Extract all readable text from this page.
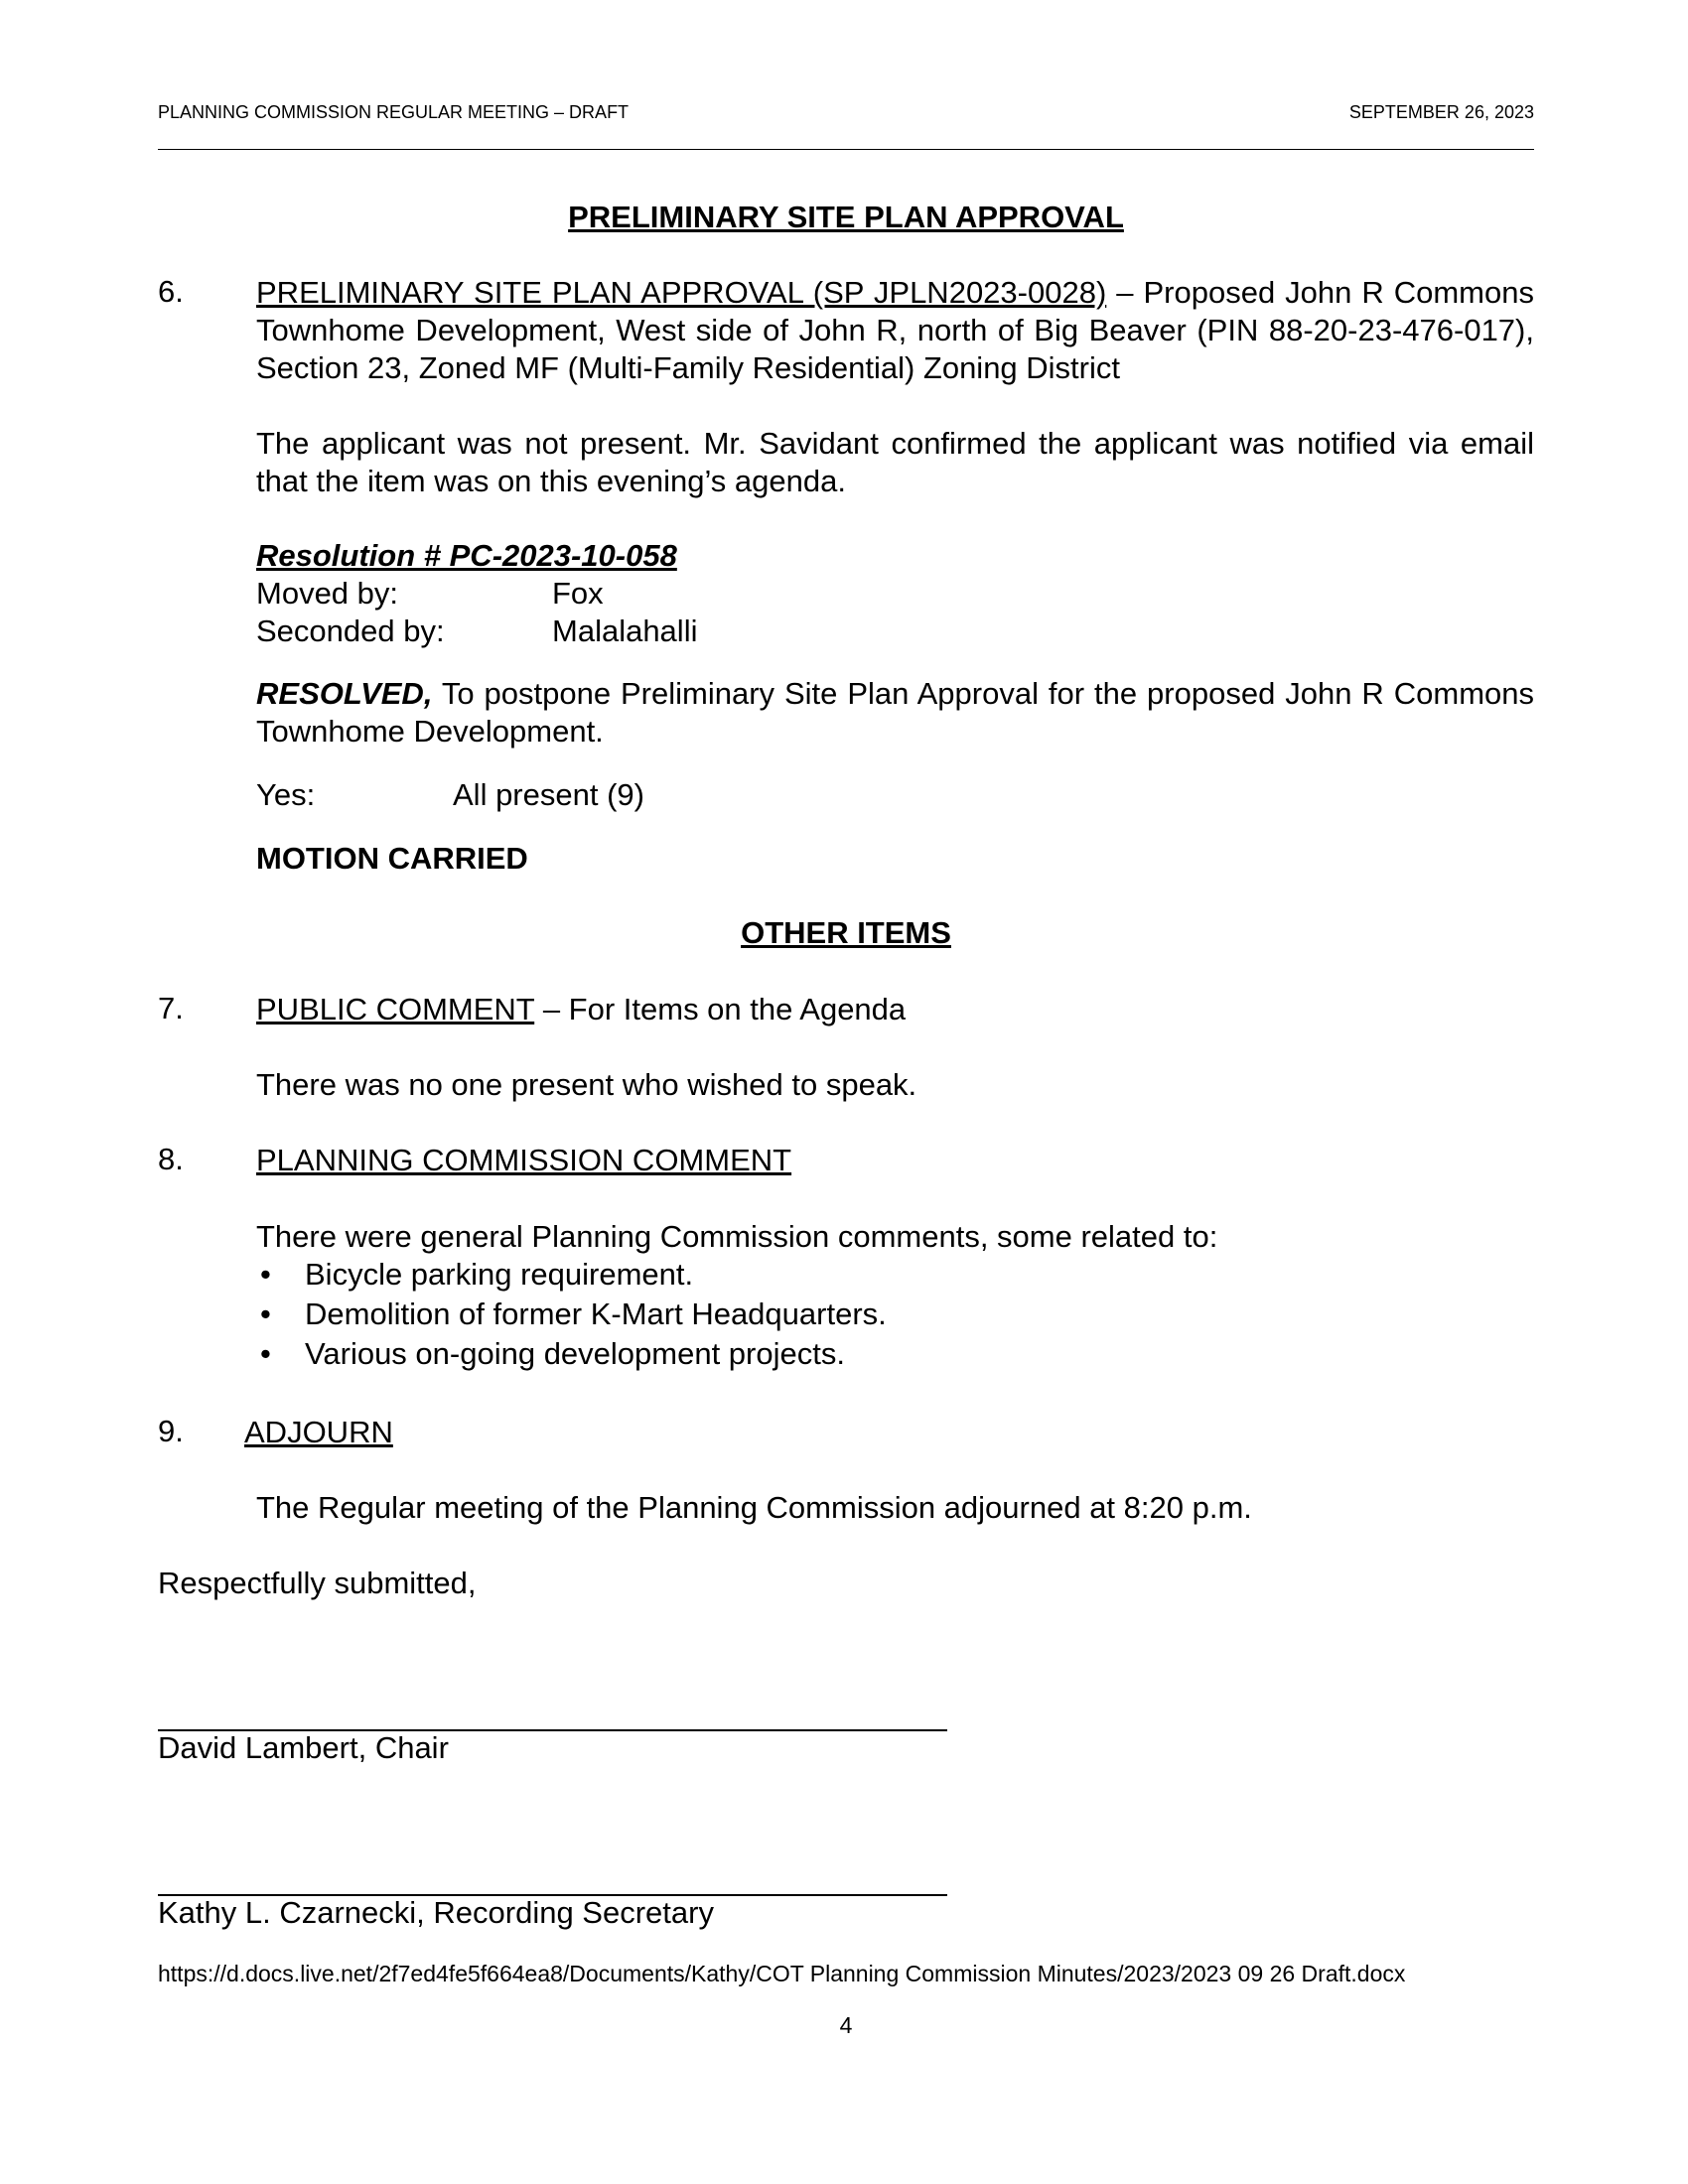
PLANNING COMMISSION REGULAR MEETING – DRAFT	SEPTEMBER 26, 2023
PRELIMINARY SITE PLAN APPROVAL
6. PRELIMINARY SITE PLAN APPROVAL (SP JPLN2023-0028) – Proposed John R Commons Townhome Development, West side of John R, north of Big Beaver (PIN 88-20-23-476-017), Section 23, Zoned MF (Multi-Family Residential) Zoning District
The applicant was not present. Mr. Savidant confirmed the applicant was notified via email that the item was on this evening’s agenda.
Resolution # PC-2023-10-058
Moved by:	Fox
Seconded by:	Malalahalli
RESOLVED, To postpone Preliminary Site Plan Approval for the proposed John R Commons Townhome Development.
Yes:	All present (9)
MOTION CARRIED
OTHER ITEMS
7. PUBLIC COMMENT – For Items on the Agenda
There was no one present who wished to speak.
8. PLANNING COMMISSION COMMENT
There were general Planning Commission comments, some related to:
• Bicycle parking requirement.
• Demolition of former K-Mart Headquarters.
• Various on-going development projects.
9. ADJOURN
The Regular meeting of the Planning Commission adjourned at 8:20 p.m.
Respectfully submitted,
David Lambert, Chair
Kathy L. Czarnecki, Recording Secretary
https://d.docs.live.net/2f7ed4fe5f664ea8/Documents/Kathy/COT Planning Commission Minutes/2023/2023 09 26 Draft.docx
4
